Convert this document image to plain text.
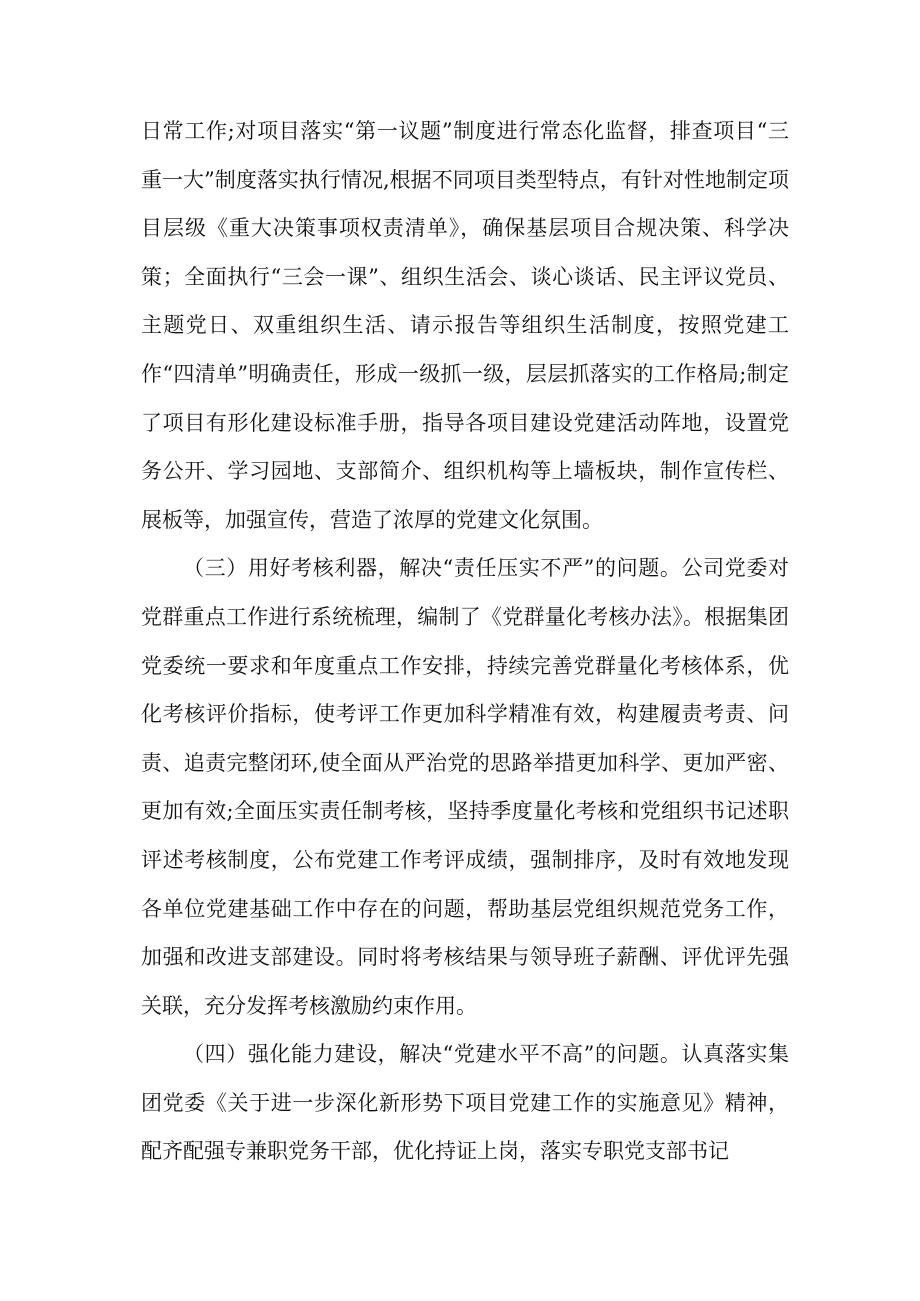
日常工作;对项目落实“第一议题”制度进行常态化监督，排查项目“三重一大”制度落实执行情况,根据不同项目类型特点，有针对性地制定项目层级《重大决策事项权责清单》，确保基层项目合规决策、科学决策；全面执行“三会一课”、组织生活会、谈心谈话、民主评议党员、主题党日、双重组织生活、请示报告等组织生活制度，按照党建工作“四清单”明确责任，形成一级抓一级，层层抓落实的工作格局;制定了项目有形化建设标准手册，指导各项目建设党建活动阵地，设置党务公开、学习园地、支部简介、组织机构等上墙板块，制作宣传栏、展板等，加强宣传，营造了浓厚的党建文化氛围。

（三）用好考核利器，解决“责任压实不严”的问题。公司党委对党群重点工作进行系统梳理，编制了《党群量化考核办法》。根据集团党委统一要求和年度重点工作安排，持续完善党群量化考核体系，优化考核评价指标，使考评工作更加科学精准有效，构建履责考责、问责、追责完整闭环,使全面从严治党的思路举措更加科学、更加严密、更加有效;全面压实责任制考核，坚持季度量化考核和党组织书记述职评述考核制度，公布党建工作考评成绩，强制排序，及时有效地发现各单位党建基础工作中存在的问题，帮助基层党组织规范党务工作，加强和改进支部建设。同时将考核结果与领导班子薪酬、评优评先强关联，充分发挥考核激励约束作用。

（四）强化能力建设，解决“党建水平不高”的问题。认真落实集团党委《关于进一步深化新形势下项目党建工作的实施意见》精神，配齐配强专兼职党务干部，优化持证上岗，落实专职党支部书记
